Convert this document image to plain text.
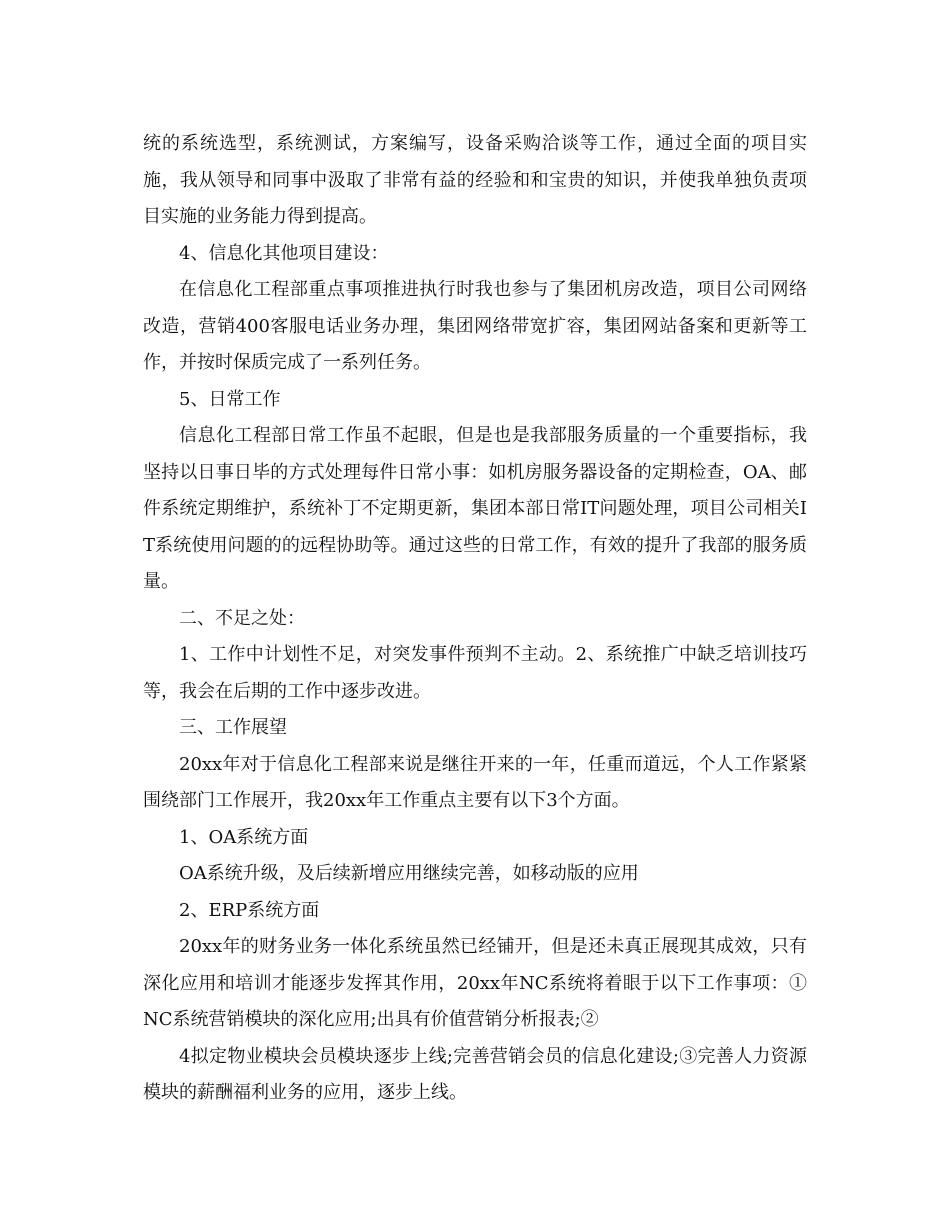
统的系统选型，系统测试，方案编写，设备采购洽谈等工作，通过全面的项目实施，我从领导和同事中汲取了非常有益的经验和和宝贵的知识，并使我单独负责项目实施的业务能力得到提高。

4、信息化其他项目建设：

在信息化工程部重点事项推进执行时我也参与了集团机房改造，项目公司网络改造，营销400客服电话业务办理，集团网络带宽扩容，集团网站备案和更新等工作，并按时保质完成了一系列任务。

5、日常工作

信息化工程部日常工作虽不起眼，但是也是我部服务质量的一个重要指标，我坚持以日事日毕的方式处理每件日常小事：如机房服务器设备的定期检查，OA、邮件系统定期维护，系统补丁不定期更新，集团本部日常IT问题处理，项目公司相关IT系统使用问题的的远程协助等。通过这些的日常工作，有效的提升了我部的服务质量。

二、不足之处：

1、工作中计划性不足，对突发事件预判不主动。2、系统推广中缺乏培训技巧等，我会在后期的工作中逐步改进。

三、工作展望

20xx年对于信息化工程部来说是继往开来的一年，任重而道远，个人工作紧紧围绕部门工作展开，我20xx年工作重点主要有以下3个方面。

1、OA系统方面

OA系统升级，及后续新增应用继续完善，如移动版的应用

2、ERP系统方面

20xx年的财务业务一体化系统虽然已经铺开，但是还未真正展现其成效，只有深化应用和培训才能逐步发挥其作用，20xx年NC系统将着眼于以下工作事项：①NC系统营销模块的深化应用;出具有价值营销分析报表;②

4拟定物业模块会员模块逐步上线;完善营销会员的信息化建设;③完善人力资源模块的薪酬福利业务的应用，逐步上线。
